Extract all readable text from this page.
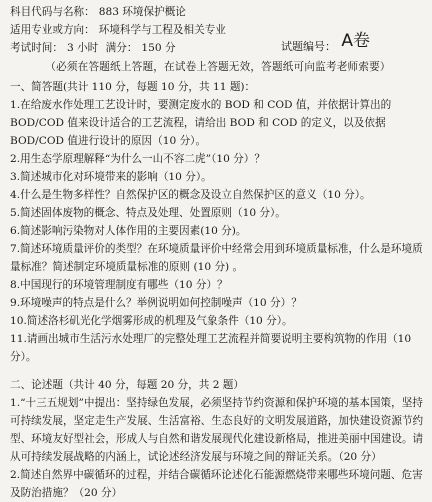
科目代码与名称： 883 环境保护概论
适用专业或方向： 环境科学与工程及相关专业
考试时间： 3 小时 满分： 150 分	试题编号： A卷
（必须在答题纸上答题，在试卷上答题无效，答题纸可向监考老师索要）
一、简答题(共计 110 分，每题 10 分，共 11 题)：
1.在给废水作处理工艺设计时，要测定废水的 BOD 和 COD 值，并依据计算出的 BOD/COD 值来设计适合的工艺流程，请给出 BOD 和 COD 的定义，以及依据 BOD/COD 值进行设计的原因（10 分）。
2.用生态学原理解释“为什么一山不容二虎”（10 分）？
3.简述城市化对环境带来的影响（10 分）。
4.什么是生物多样性？自然保护区的概念及设立自然保护区的意义（10 分）。
5.简述固体废物的概念、特点及处理、处置原则（10 分）。
6.简述影响污染物对人体作用的主要因素(10 分)。
7.简述环境质量评价的类型？在环境质量评价中经常会用到环境质量标准，什么是环境质量标准？简述制定环境质量标准的原则 (10 分) 。
8.中国现行的环境管理制度有哪些（10 分）？
9.环境噪声的特点是什么？举例说明如何控制噪声（10 分）？
10.简述洛杉矶光化学烟雾形成的机理及气象条件（10 分）。
11.请画出城市生活污水处理厂的完整处理工艺流程并简要说明主要构筑物的作用（10 分）。
二、论述题（共计 40 分，每题 20 分，共 2 题）
1.“十三五规划”中提出：坚持绿色发展，必须坚持节约资源和保护环境的基本国策，坚持可持续发展，坚定走生产发展、生活富裕、生态良好的文明发展道路，加快建设资源节约型、环境友好型社会，形成人与自然和谐发展现代化建设新格局，推进美丽中国建设。请从可持续发展战略的内涵上，试论述经济发展与环境之间的辩证关系。（20 分）
2.简述自然界中碳循环的过程，并结合碳循环论述化石能源燃烧带来哪些环境问题、危害及防治措施？（20 分）
